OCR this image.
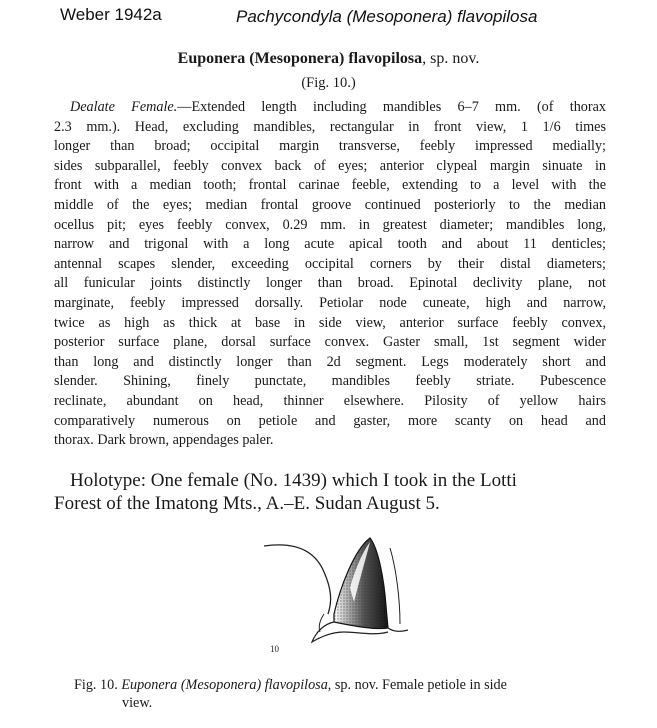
Weber 1942a	Pachycondyla (Mesoponera) flavopilosa
Euponera (Mesoponera) flavopilosa, sp. nov.
(Fig. 10.)
Dealate Female.—Extended length including mandibles 6–7 mm. (of thorax
2.3 mm.). Head, excluding mandibles, rectangular in front view, 1 1/6 times
longer than broad; occipital margin transverse, feebly impressed medially;
sides subparallel, feebly convex back of eyes; anterior clypeal margin sinuate in
front with a median tooth; frontal carinae feeble, extending to a level with the
middle of the eyes; median frontal groove continued posteriorly to the median
ocellus pit; eyes feebly convex, 0.29 mm. in greatest diameter; mandibles long,
narrow and trigonal with a long acute apical tooth and about 11 denticles;
antennal scapes slender, exceeding occipital corners by their distal diameters;
all funicular joints distinctly longer than broad. Epinotal declivity plane, not
marginate, feebly impressed dorsally. Petiolar node cuneate, high and narrow,
twice as high as thick at base in side view, anterior surface feebly convex,
posterior surface plane, dorsal surface convex. Gaster small, 1st segment wider
than long and distinctly longer than 2d segment. Legs moderately short and
slender. Shining, finely punctate, mandibles feebly striate. Pubescence
reclinate, abundant on head, thinner elsewhere. Pilosity of yellow hairs
comparatively numerous on petiole and gaster, more scanty on head and
thorax. Dark brown, appendages paler.
Holotype: One female (No. 1439) which I took in the Lotti
Forest of the Imatong Mts., A.–E. Sudan August 5.
10
Fig. 10. Euponera (Mesoponera) flavopilosa, sp. nov. Female petiole in side
view.
